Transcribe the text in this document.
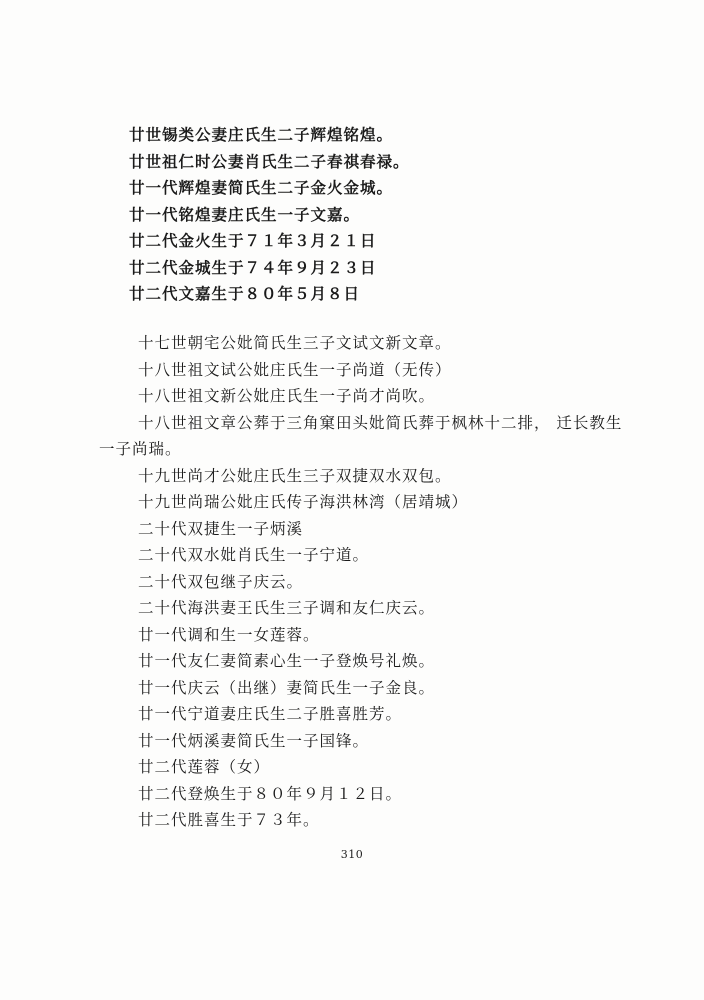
廿世锡类公妻庄氏生二子辉煌铭煌。
廿世祖仁时公妻肖氏生二子春祺春禄。
廿一代辉煌妻简氏生二子金火金城。
廿一代铭煌妻庄氏生一子文嘉。
廿二代金火生于７１年３月２１日
廿二代金城生于７４年９月２３日
廿二代文嘉生于８０年５月８日
十七世朝宅公妣简氏生三子文试文新文章。
十八世祖文试公妣庄氏生一子尚道（无传）
十八世祖文新公妣庄氏生一子尚才尚吹。
十八世祖文章公葬于三角窠田头妣简氏葬于枫林十二排， 迁长教生
一子尚瑞。
十九世尚才公妣庄氏生三子双捷双水双包。
十九世尚瑞公妣庄氏传子海洪林湾（居靖城）
二十代双捷生一子炳溪
二十代双水妣肖氏生一子宁道。
二十代双包继子庆云。
二十代海洪妻王氏生三子调和友仁庆云。
廿一代调和生一女莲蓉。
廿一代友仁妻简素心生一子登焕号礼焕。
廿一代庆云（出继）妻简氏生一子金良。
廿一代宁道妻庄氏生二子胜喜胜芳。
廿一代炳溪妻简氏生一子国锋。
廿二代莲蓉（女）
廿二代登焕生于８０年９月１２日。
廿二代胜喜生于７３年。
310
